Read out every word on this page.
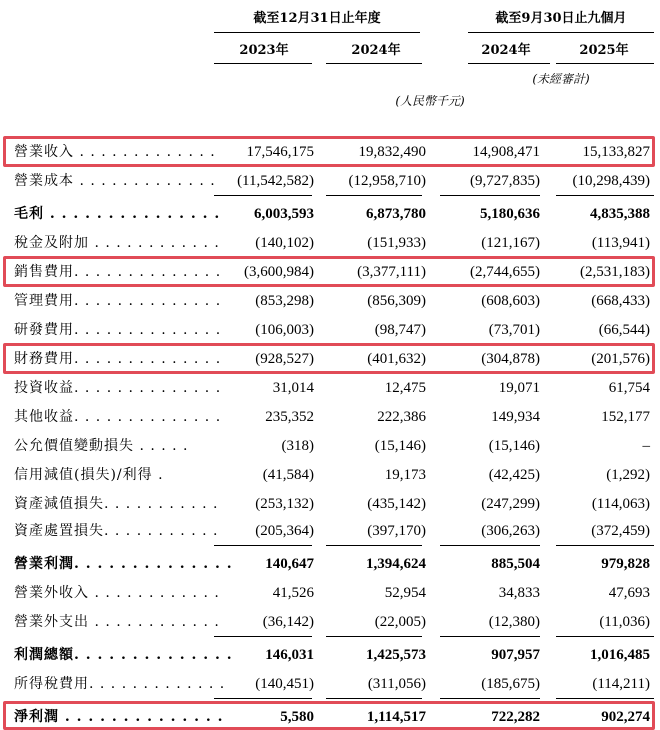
截至12月31日止年度	截至9月30日止九個月
2023年	2024年	2024年	2025年
(未經審計)
(人民幣千元)
營業收入 . . . . . . . . . . . . .	17,546,175	19,832,490	14,908,471	15,133,827
營業成本 . . . . . . . . . . . . .	(11,542,582)	(12,958,710)	(9,727,835)	(10,298,439)
毛利 . . . . . . . . . . . . . . .	6,003,593	6,873,780	5,180,636	4,835,388
稅金及附加 . . . . . . . . . . . .	(140,102)	(151,933)	(121,167)	(113,941)
銷售費用. . . . . . . . . . . . . .	(3,600,984)	(3,377,111)	(2,744,655)	(2,531,183)
管理費用. . . . . . . . . . . . . .	(853,298)	(856,309)	(608,603)	(668,433)
研發費用. . . . . . . . . . . . . .	(106,003)	(98,747)	(73,701)	(66,544)
財務費用. . . . . . . . . . . . . .	(928,527)	(401,632)	(304,878)	(201,576)
投資收益. . . . . . . . . . . . . .	31,014	12,475	19,071	61,754
其他收益. . . . . . . . . . . . . .	235,352	222,386	149,934	152,177
公允價值變動損失 . . . . .	(318)	(15,146)	(15,146)	–
信用減值(損失)/利得 .	(41,584)	19,173	(42,425)	(1,292)
資產減值損失. . . . . . . . . . .	(253,132)	(435,142)	(247,299)	(114,063)
資產處置損失. . . . . . . . . . .	(205,364)	(397,170)	(306,263)	(372,459)
營業利潤. . . . . . . . . . . . . .	140,647	1,394,624	885,504	979,828
營業外收入 . . . . . . . . . . . .	41,526	52,954	34,833	47,693
營業外支出 . . . . . . . . . . . .	(36,142)	(22,005)	(12,380)	(11,036)
利潤總額. . . . . . . . . . . . . .	146,031	1,425,573	907,957	1,016,485
所得稅費用. . . . . . . . . . . . .	(140,451)	(311,056)	(185,675)	(114,211)
淨利潤 . . . . . . . . . . . . . .	5,580	1,114,517	722,282	902,274
